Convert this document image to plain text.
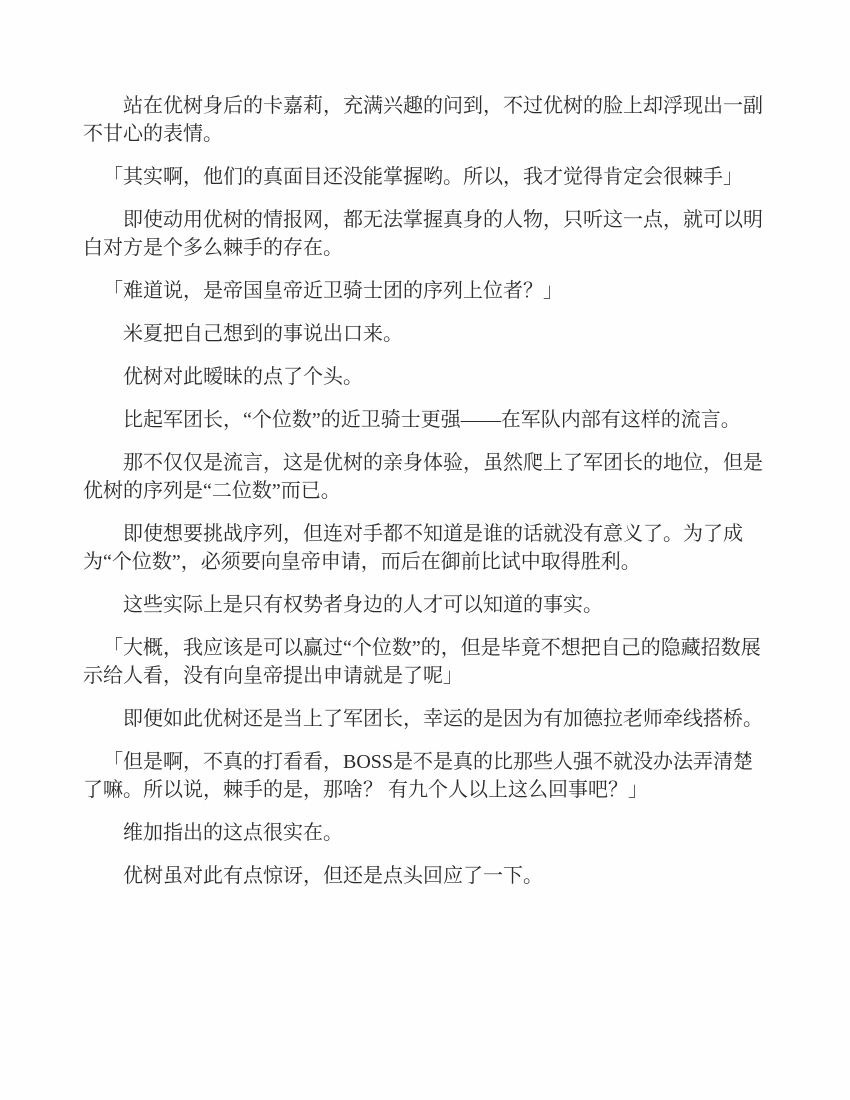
站在优树身后的卡嘉莉，充满兴趣的问到，不过优树的脸上却浮现出一副不甘心的表情。

「其实啊，他们的真面目还没能掌握哟。所以，我才觉得肯定会很棘手」

即使动用优树的情报网，都无法掌握真身的人物，只听这一点，就可以明白对方是个多么棘手的存在。

「难道说，是帝国皇帝近卫骑士团的序列上位者？」

米夏把自己想到的事说出口来。

优树对此暧昧的点了个头。

比起军团长，“个位数”的近卫骑士更强——在军队内部有这样的流言。

那不仅仅是流言，这是优树的亲身体验，虽然爬上了军团长的地位，但是优树的序列是“二位数”而已。

即使想要挑战序列，但连对手都不知道是谁的话就没有意义了。为了成为“个位数”，必须要向皇帝申请，而后在御前比试中取得胜利。

这些实际上是只有权势者身边的人才可以知道的事实。

「大概，我应该是可以赢过“个位数”的，但是毕竟不想把自己的隐藏招数展示给人看，没有向皇帝提出申请就是了呢」

即便如此优树还是当上了军团长，幸运的是因为有加德拉老师牵线搭桥。

「但是啊，不真的打看看，BOSS是不是真的比那些人强不就没办法弄清楚了嘛。所以说，棘手的是，那啥？ 有九个人以上这么回事吧？」

维加指出的这点很实在。

优树虽对此有点惊讶，但还是点头回应了一下。
